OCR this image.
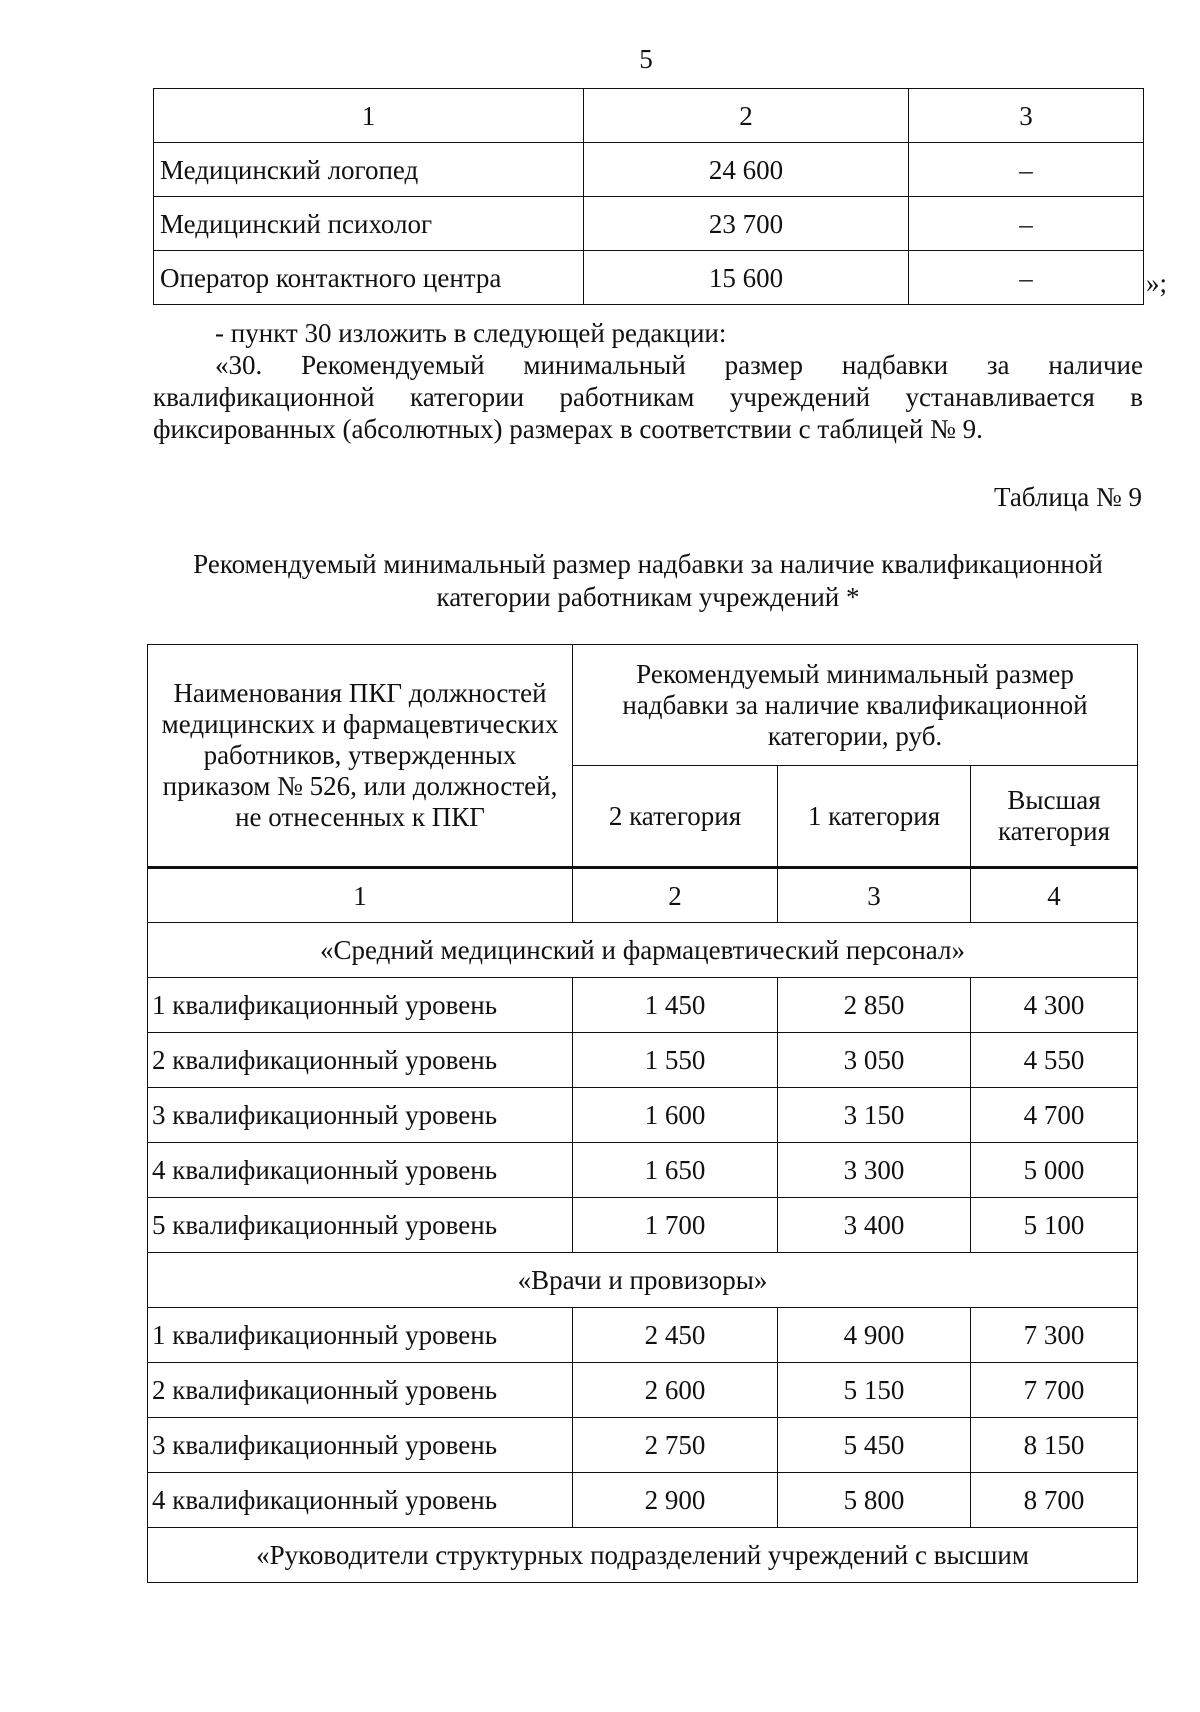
5
1	2	3
Медицинский логопед	24 600	–
Медицинский психолог	23 700	–
Оператор контактного центра	15 600	–	»;
- пункт 30 изложить в следующей редакции:
«30. Рекомендуемый минимальный размер надбавки за наличие квалификационной категории работникам учреждений устанавливается в фиксированных (абсолютных) размерах в соответствии с таблицей № 9.
Таблица № 9
Рекомендуемый минимальный размер надбавки за наличие квалификационной
категории работникам учреждений *
Наименования ПКГ должностей медицинских и фармацевтических работников, утвержденных приказом № 526, или должностей, не отнесенных к ПКГ	Рекомендуемый минимальный размер надбавки за наличие квалификационной категории, руб.		
	2 категория	1 категория	Высшая категория
1	2	3	4
«Средний медицинский и фармацевтический персонал»			
1 квалификационный уровень	1 450	2 850	4 300
2 квалификационный уровень	1 550	3 050	4 550
3 квалификационный уровень	1 600	3 150	4 700
4 квалификационный уровень	1 650	3 300	5 000
5 квалификационный уровень	1 700	3 400	5 100
«Врачи и провизоры»			
1 квалификационный уровень	2 450	4 900	7 300
2 квалификационный уровень	2 600	5 150	7 700
3 квалификационный уровень	2 750	5 450	8 150
4 квалификационный уровень	2 900	5 800	8 700
«Руководители структурных подразделений учреждений с высшим			
